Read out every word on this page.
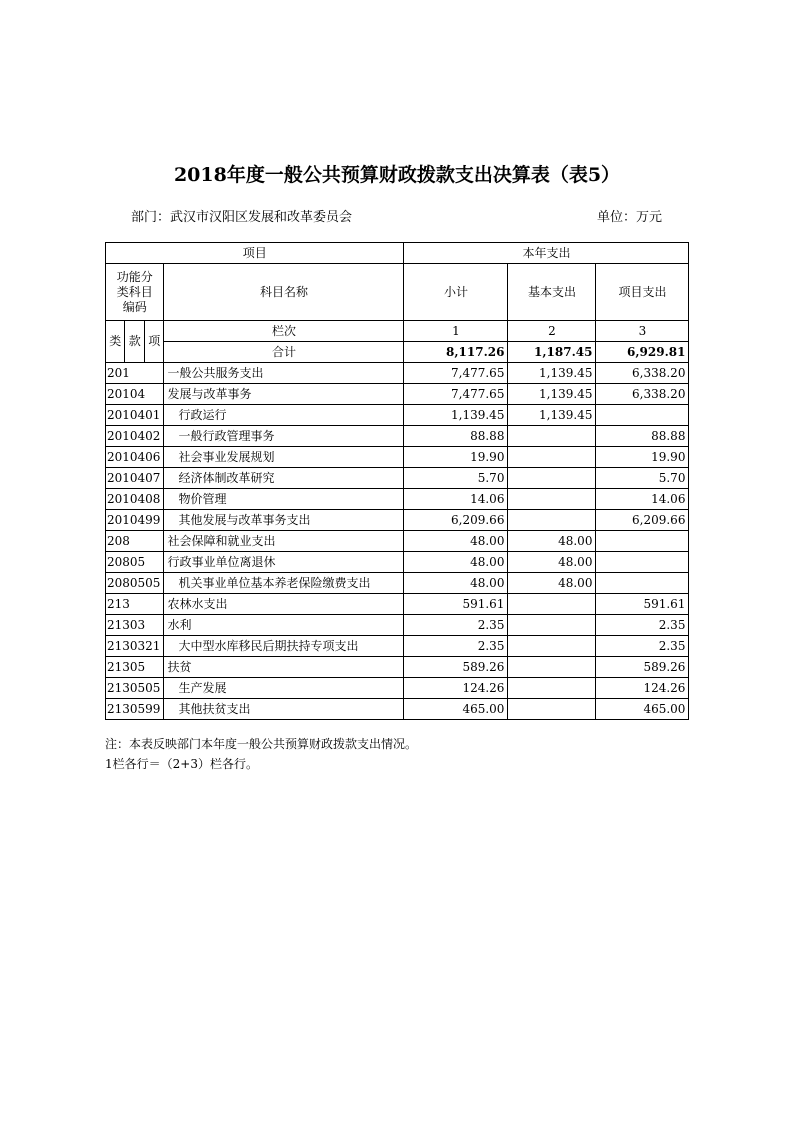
2018年度一般公共预算财政拨款支出决算表（表5）
部门：武汉市汉阳区发展和改革委员会	单位：万元
项目				本年支出		

功能分
类科目
编码			科目名称	小计	基本支出	项目支出
类	款	项	栏次	1	2	3
			合计	8,117.26	1,187.45	6,929.81
201			一般公共服务支出	7,477.65	1,139.45	6,338.20
20104			发展与改革事务	7,477.65	1,139.45	6,338.20
2010401			行政运行	1,139.45	1,139.45	
2010402			一般行政管理事务	88.88		88.88
2010406			社会事业发展规划	19.90		19.90
2010407			经济体制改革研究	5.70		5.70
2010408			物价管理	14.06		14.06
2010499			其他发展与改革事务支出	6,209.66		6,209.66
208			社会保障和就业支出	48.00	48.00	
20805			行政事业单位离退休	48.00	48.00	
2080505			机关事业单位基本养老保险缴费支出	48.00	48.00	
213			农林水支出	591.61		591.61
21303			水利	2.35		2.35
2130321			大中型水库移民后期扶持专项支出	2.35		2.35
21305			扶贫	589.26		589.26
2130505			生产发展	124.26		124.26
2130599			其他扶贫支出	465.00		465.00
注：本表反映部门本年度一般公共预算财政拨款支出情况。
1栏各行＝（2+3）栏各行。
